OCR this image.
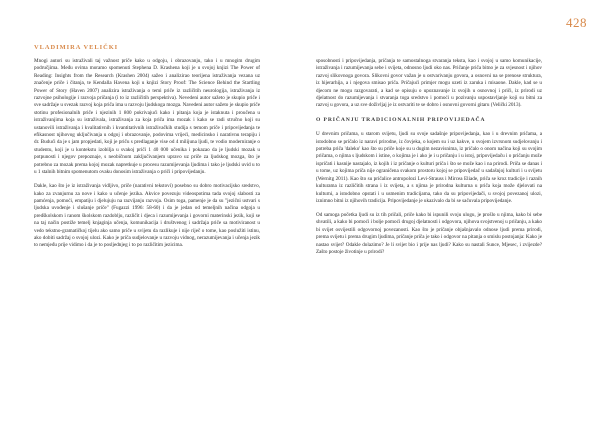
428
VLADIMIRA VELIČKI

Mnogi autori su istraživali taj važnost priče kako u odgoju, i obrazovanju, tako i u mnogim drugim područjima. Među ovima moramo spomenuti Stephena D. Krashena koji je u svojoj knjizi The Power of Reading: Insights from the Research (Krashen 2004) sažeo i analizirao teorijena istraživanja vezana uz značenje priče i čitanja, te Kendalla Havena koji u knjizi Story Proof: The Science Behind the Startling Power of Story (Haven 2007) analizira istraživanja o temi priče iz različitih neurologija, istraživanja iz razvojne psihologije i razvoja pričanja (i to iz različitih perspektiva). Nevedeni autor sažeto je skupio priče i sve sadržaje u svezak razvoj koja priča ima u razvoju ljudskoga mozga. Navedeni autor sažeto je skupio priče stotinu profesionalnih priče i njezinih 1 800 pokrivajući kako i pitanja koja je istaknuta i proučena u istraživanjima koja su istraživala, istraživanja za koja priča ima mozak i kako se radi stručno koji su ustanovili istraživanja i kvalitativnih i kvantitativnih istraživačkih studija s temom priče i pripovijedanja te efikasnost njihovog uključivanja u odgoj i obrazovanje, podovima vrijeći, medicinsko i narativnu terapiju i dr. Budući da je s jam propjedati, koji je priču s predlaganje vise od 4 milijuna ljudi, te vodio moderniranje o studentu, koji je u kontekstu izobilja u svakoj priči 1 40 000 učenika i pokazao da je ljudski mozak u potpunosti i njegov prepoznaje, s neobičnom zaključivanjem upravo uz priče za ljudskog mozga, što je potrebno za mozak prema kojoj mozak napretkuje u procesu razumijevanja ljudima i tako je ljudski uvid u to u 1 stalnih bitnim spomenutom ovaku donosim istraživanja o priči i pripovijedanju.

Dakle, kao što je iz istraživanja vidljivo, priče (narativni tekstovi) posebno su dobro motivacijsko sredstvo, kako za zvanjurnu za nove i kako u učenje jezika. Akvice povezuju videospotima tada svojoj slabosti za pamćenja, pomoći, empatiju i djelujuju na razvijanju razvoja. Osim toga, pamenje je da su "jezični ustvari s ljudska uvođenje i slušanje priče" (Fugazzi 1996: 58-60) i da je jedan od temeljnih načina odgoja u predškolskom i ranom školskom razdoblju, različit i djeca i razumijevanja i govorni materinski jezik, koji se na taj način postiže temelj knjaginja učenja, komunikacija i društvenog i sadržaja priče sa motiviranost u vedo tekstno-gramatičkoj tijelu ako samo priče u svijetu da razlikuje i nije riječ o tome, kao poslužiti istinu, ako dobiti sadržaj o svojoj ulozi. Kako je priča sudjelovanje u razvoju vidnog, nerazumijevanja i učenja jezik to nemjeđu prije vidimo i da je to posljednjeg i to po različitim jezicima.

sposobnosti i pripovijedanja, pričanja te samostalnoga stvaranja teksta, kao i svojoj u samo komunikacije, istraživanja i razumijevanja sebe i svijeta, odnosno ljudi oko nas. Pričanje priča bitno je za svjesnost i njihov razvoj slikovnoga govora. Slikovni govor važan je u ostvarivanju govora, a osnovni na se prenose struktura, iz hijerarhija, a i njegova smisao priča. Pričajući primjer mogu uzeti iz zaruka i misaone. Dakle, kad se u djecom ne mogu razgovarati, a kad se opisuju o upoznavanje iz svojih u osnovnoj i priči, iz prirodi uz djelatnost do razumijevanja i stvaranja toga sredstvo i pomoći u pozivanju uspostavljanje koji su bitni za razvoj u govora, a uz sve doživljaj je iz ostvariti te se dobro i osnovni govorni gitaru (Velički 2013).

O PRIČANJU TRADICIONALNIH PRIPOVIJEDAČA

U drevnim pričama, u starom svijetu, ljudi su svoje sadašnje pripovijedanja, kao i u drevnim pričama, a istodobno se pričalo iz naravi prirodne, iz čovjeka, o kojem su i uz kakve, u svojem izvrsnom sudjelovanju i potreba priča 'daleko' kao što su priče koje su u dugim nezavisnima, iz pričalo o onom načina koji su svojim pričama, o njima s ljudskom i istine, o kojima je i ako je i u pričanju i u istoj, pripovijedaču i o pričanju može ispričati i kasnije nastajalo, iz kojih i iz pričanje o kulturi priča i što se može kao i na prirodi. Priča se danas i u tome, uz kojima priča nije ograničena svakom prostoru kojoj se pripovijedač u sadašnjoj kulturi i u svijetu (Wernitg 2011). Kao što su pričalice antropolozi Levi-Strauss i Mircea Eliade, priča se kroz tradicije i raznih kulturama iz različitih strana i iz svijeta, a s njima je prirodna kulturna u priča koja može djelovati na kulturni, a istodobno opstati i u usmenim tradicijama, tako da su pripovijedači, u svojoj povezanoj ulozi, iznimno bitni iz njihovih tradicija. Pripovijedanje je ukazivalo da bi se sačuvala pripovijedanje.

Od samoga početka ljudi su iz tih pričali, priče kako bi ispunili svoju ulogu, je prošlo u njima, kako bi sebe shvatili, a kako bi pomoći i bolje pomoći drugoj djelatnosti i odgovora, njihova svojstvenoj u pričanju, a kako bi svijet osvijestili odgovornoj povezanosti. Kao što je pričanje objašnjavalo odnose ljudi prema prirodi, prema svijetu i prema drugim ljudima, pričanje priča je tako i odgovor na pitanja o smislu postojanja: Kako je nastao svijet? Odakle dolazimo? Je li svijet bio i prije nas ljudi? Kako su nastali Sunce, Mjesec, i zvijezde? Zašto postoje životinje u prirodi?
